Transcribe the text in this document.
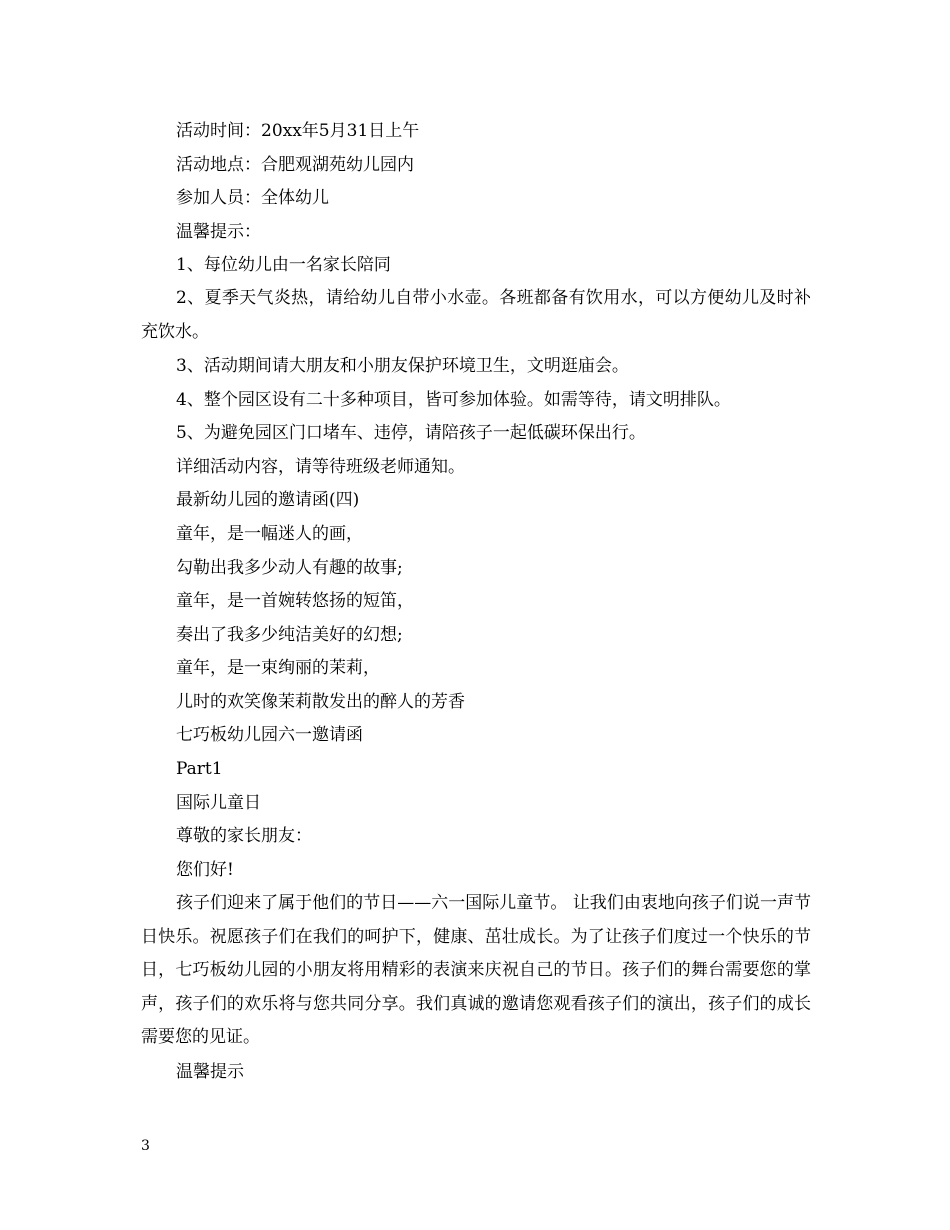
活动时间：20xx年5月31日上午
活动地点：合肥观湖苑幼儿园内
参加人员：全体幼儿
温馨提示：
1、每位幼儿由一名家长陪同
2、夏季天气炎热，请给幼儿自带小水壶。各班都备有饮用水，可以方便幼儿及时补充饮水。
3、活动期间请大朋友和小朋友保护环境卫生，文明逛庙会。
4、整个园区设有二十多种项目，皆可参加体验。如需等待，请文明排队。
5、为避免园区门口堵车、违停，请陪孩子一起低碳环保出行。
详细活动内容，请等待班级老师通知。
最新幼儿园的邀请函(四)
童年，是一幅迷人的画，
勾勒出我多少动人有趣的故事;
童年，是一首婉转悠扬的短笛，
奏出了我多少纯洁美好的幻想;
童年，是一束绚丽的茉莉，
儿时的欢笑像茉莉散发出的醉人的芳香
七巧板幼儿园六一邀请函
Part1
国际儿童日
尊敬的家长朋友：
您们好!
孩子们迎来了属于他们的节日——六一国际儿童节。 让我们由衷地向孩子们说一声节日快乐。祝愿孩子们在我们的呵护下，健康、茁壮成长。为了让孩子们度过一个快乐的节日，七巧板幼儿园的小朋友将用精彩的表演来庆祝自己的节日。孩子们的舞台需要您的掌声，孩子们的欢乐将与您共同分享。我们真诚的邀请您观看孩子们的演出，孩子们的成长需要您的见证。
温馨提示
3
